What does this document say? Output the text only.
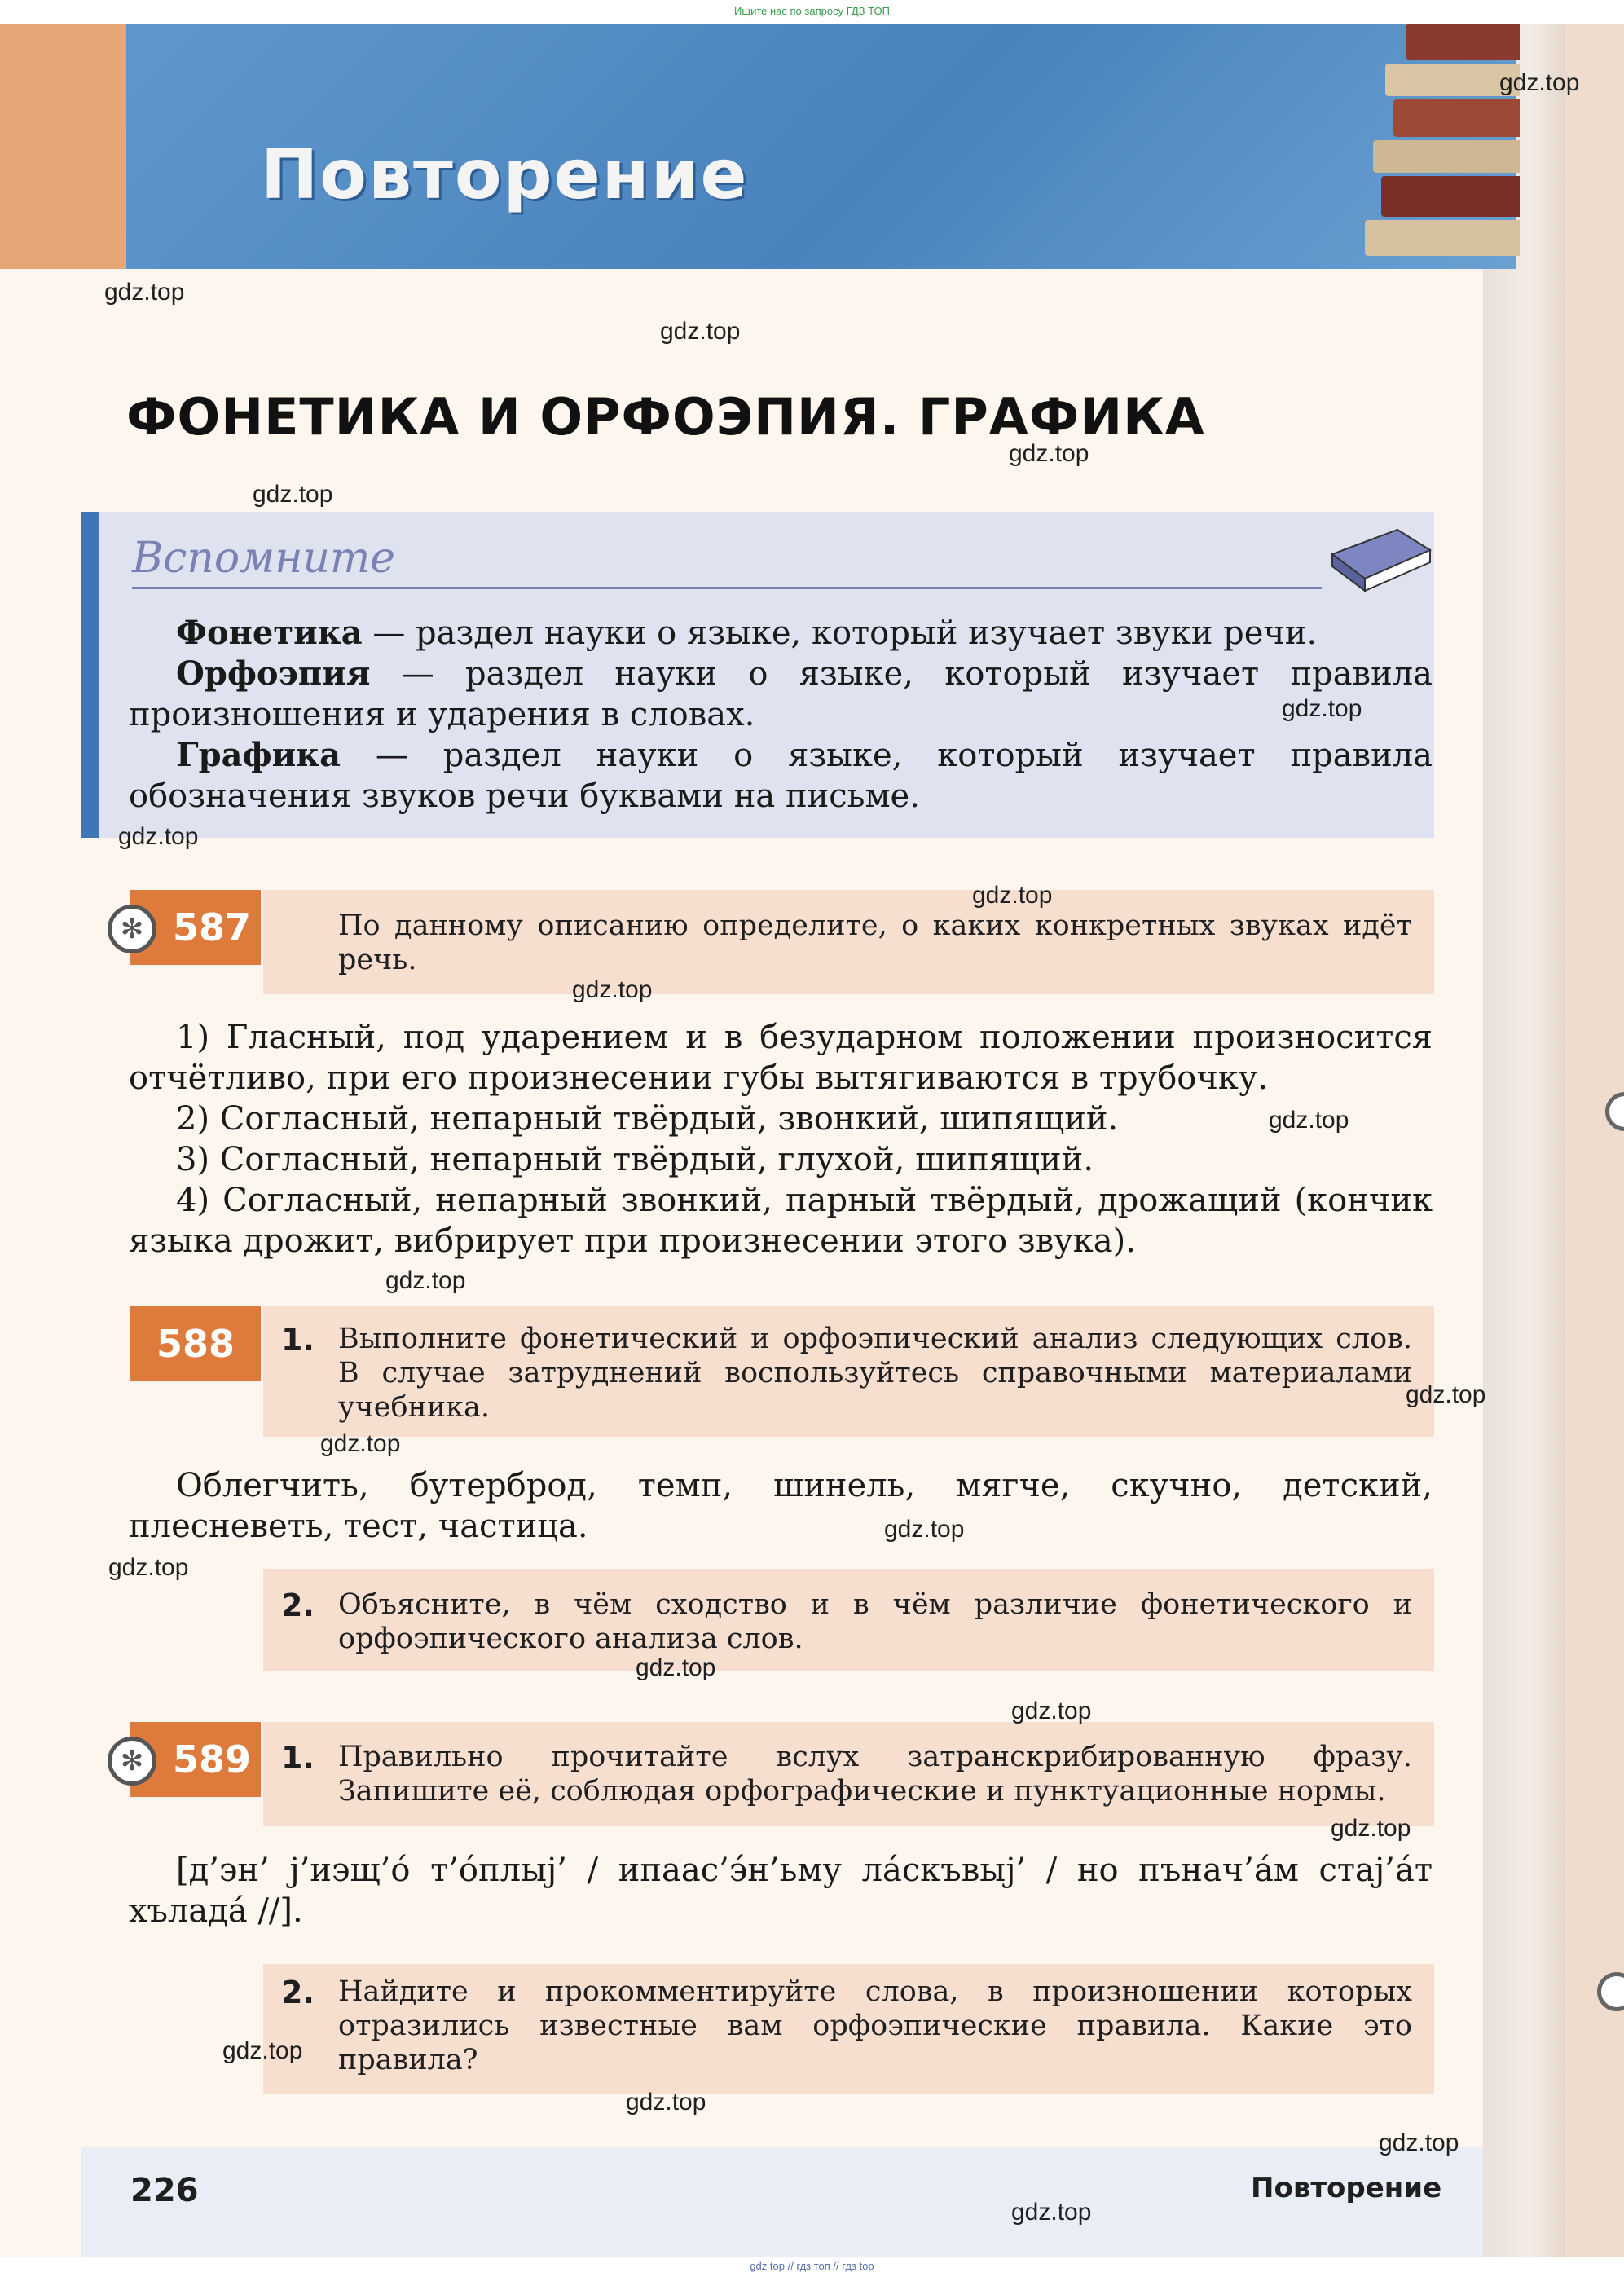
Ищите нас по запросу ГДЗ ТОП
Повторение
ФОНЕТИКА И ОРФОЭПИЯ. ГРАФИКА
Вспомните

Фонетика — раздел науки о языке, который изучает звуки речи.

Орфоэпия — раздел науки о языке, который изучает правила произношения и ударения в словах.

Графика — раздел науки о языке, который изучает правила обозначения звуков речи буквами на письме.

587
✻	По данному описанию определите, о каких конкретных звуках идёт речь.

1) Гласный, под ударением и в безударном положении произносится отчётливо, при его произнесении губы вытягиваются в трубочку.

2) Согласный, непарный твёрдый, звонкий, шипящий.

3) Согласный, непарный твёрдый, глухой, шипящий.

4) Согласный, непарный звонкий, парный твёрдый, дрожащий (кончик языка дрожит, вибрирует при произнесении этого звука).

588	1. Выполните фонетический и орфоэпический анализ следующих слов. В случае затруднений воспользуйтесь справочными материалами учебника.

Облегчить, бутерброд, темп, шинель, мягче, скучно, детский, плесневеть, тест, частица.

2. Объясните, в чём сходство и в чём различие фонетического и орфоэпического анализа слов.
589
✻	1. Правильно прочитайте вслух затранскрибированную фразу. Запишите её, соблюдая орфографические и пунктуационные нормы.

[д’эн’ j’иэщ’о́ т’о́плыj’ / ипаас’э́н’ьму ла́скъвыj’ / но пънач’а́м стаj’а́т хълада́ //].

2. Найдите и прокомментируйте слова, в произношении которых отразились известные вам орфоэпические правила. Какие это правила?
226	Повторение
gdz.top
gdz.top
gdz.top
gdz.top
gdz.top
gdz.top
gdz.top
gdz.top
gdz.top
gdz.top
gdz.top
gdz.top
gdz.top
gdz.top
gdz.top
gdz.top
gdz.top
gdz.top
gdz.top
gdz.top
gdz.top
gdz.top
gdz top // гдз топ // гдз top
